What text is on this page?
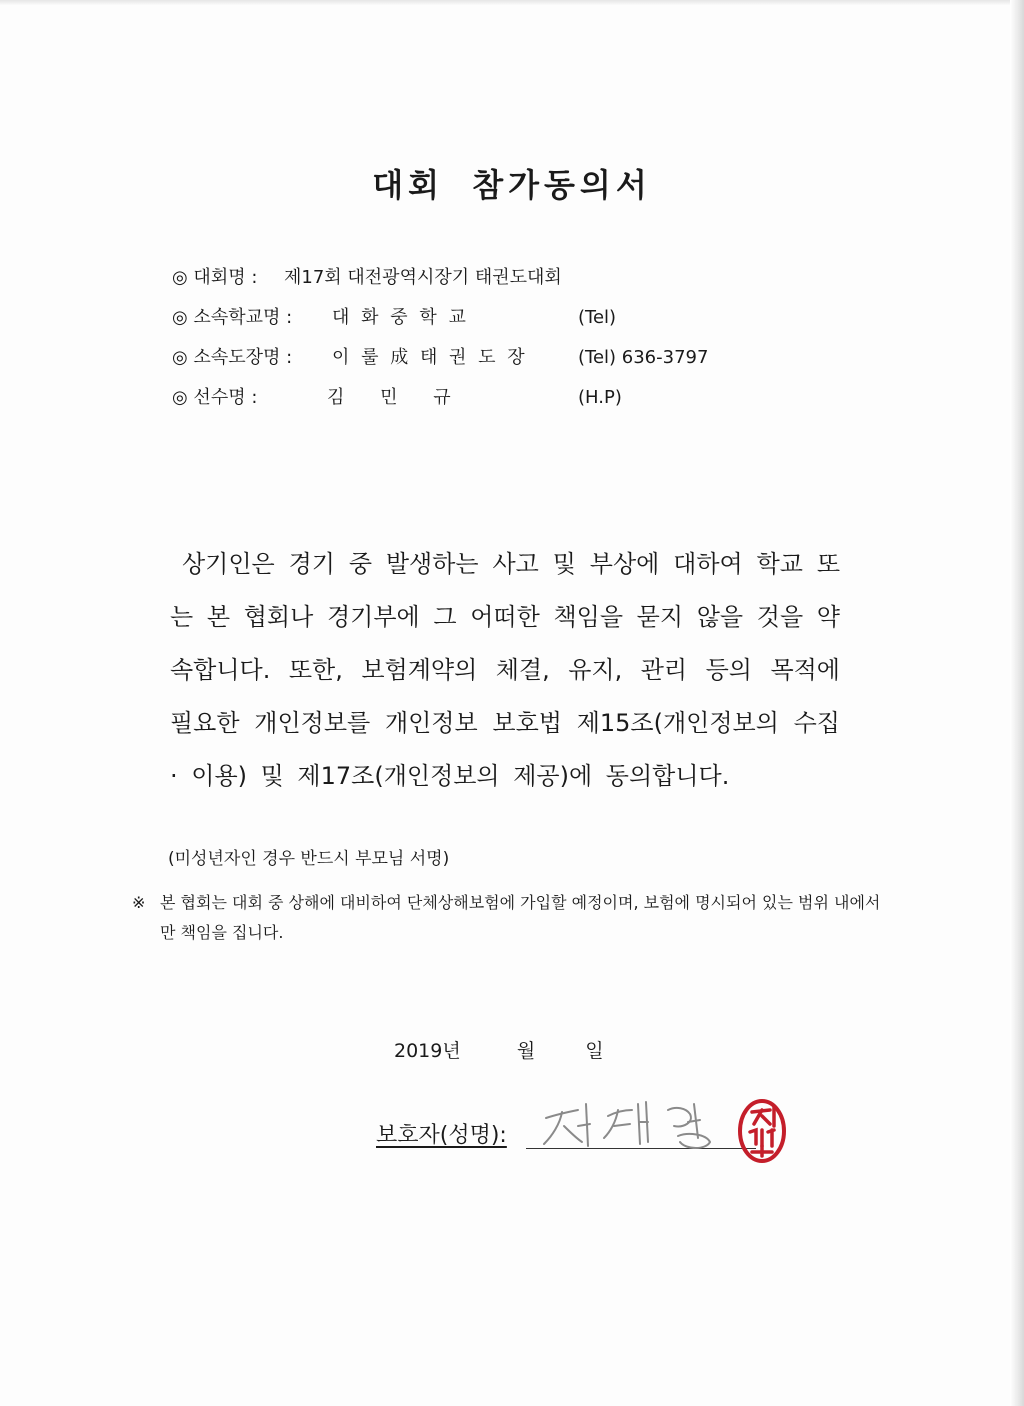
대회 참가동의서
◎ 대회명 : 제17회 대전광역시장기 태권도대회
◎ 소속학교명 : 대 화 중 학 교	(Tel)
◎ 소속도장명 : 이 룰 成 태 권 도 장	(Tel) 636-3797
◎ 선수명 :	김 민 규	(H.P)

상기인은 경기 중 발생하는 사고 및 부상에 대하여 학교 또는 본 협회나 경기부에 그 어떠한 책임을 묻지 않을 것을 약속합니다. 또한, 보험계약의 체결, 유지, 관리 등의 목적에 필요한 개인정보를 개인정보 보호법 제15조(개인정보의 수집 · 이용) 및 제17조(개인정보의 제공)에 동의합니다.

(미성년자인 경우 반드시 부모님 서명)
※ 본 협회는 대회 중 상해에 대비하여 단체상해보험에 가입할 예정이며, 보험에 명시되어 있는 범위 내에서만 책임을 집니다.
2019년	월	일
보호자(성명):
